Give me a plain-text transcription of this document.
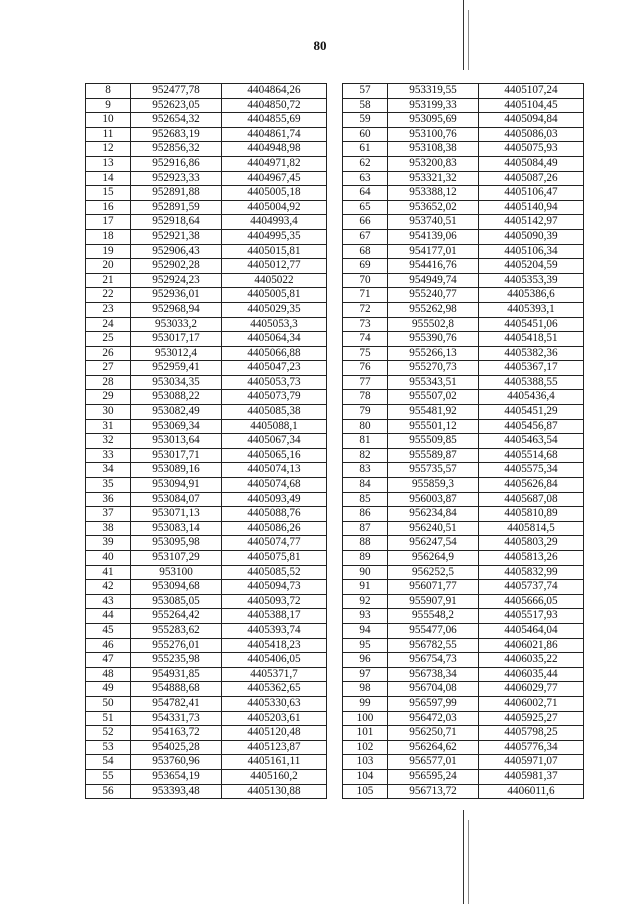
80
8	952477,78	4404864,26
9	952623,05	4404850,72
10	952654,32	4404855,69
11	952683,19	4404861,74
12	952856,32	4404948,98
13	952916,86	4404971,82
14	952923,33	4404967,45
15	952891,88	4405005,18
16	952891,59	4405004,92
17	952918,64	4404993,4
18	952921,38	4404995,35
19	952906,43	4405015,81
20	952902,28	4405012,77
21	952924,23	4405022
22	952936,01	4405005,81
23	952968,94	4405029,35
24	953033,2	4405053,3
25	953017,17	4405064,34
26	953012,4	4405066,88
27	952959,41	4405047,23
28	953034,35	4405053,73
29	953088,22	4405073,79
30	953082,49	4405085,38
31	953069,34	4405088,1
32	953013,64	4405067,34
33	953017,71	4405065,16
34	953089,16	4405074,13
35	953094,91	4405074,68
36	953084,07	4405093,49
37	953071,13	4405088,76
38	953083,14	4405086,26
39	953095,98	4405074,77
40	953107,29	4405075,81
41	953100	4405085,52
42	953094,68	4405094,73
43	953085,05	4405093,72
44	955264,42	4405388,17
45	955283,62	4405393,74
46	955276,01	4405418,23
47	955235,98	4405406,05
48	954931,85	4405371,7
49	954888,68	4405362,65
50	954782,41	4405330,63
51	954331,73	4405203,61
52	954163,72	4405120,48
53	954025,28	4405123,87
54	953760,96	4405161,11
55	953654,19	4405160,2
56	953393,48	4405130,88
57	953319,55	4405107,24
58	953199,33	4405104,45
59	953095,69	4405094,84
60	953100,76	4405086,03
61	953108,38	4405075,93
62	953200,83	4405084,49
63	953321,32	4405087,26
64	953388,12	4405106,47
65	953652,02	4405140,94
66	953740,51	4405142,97
67	954139,06	4405090,39
68	954177,01	4405106,34
69	954416,76	4405204,59
70	954949,74	4405353,39
71	955240,77	4405386,6
72	955262,98	4405393,1
73	955502,8	4405451,06
74	955390,76	4405418,51
75	955266,13	4405382,36
76	955270,73	4405367,17
77	955343,51	4405388,55
78	955507,02	4405436,4
79	955481,92	4405451,29
80	955501,12	4405456,87
81	955509,85	4405463,54
82	955589,87	4405514,68
83	955735,57	4405575,34
84	955859,3	4405626,84
85	956003,87	4405687,08
86	956234,84	4405810,89
87	956240,51	4405814,5
88	956247,54	4405803,29
89	956264,9	4405813,26
90	956252,5	4405832,99
91	956071,77	4405737,74
92	955907,91	4405666,05
93	955548,2	4405517,93
94	955477,06	4405464,04
95	956782,55	4406021,86
96	956754,73	4406035,22
97	956738,34	4406035,44
98	956704,08	4406029,77
99	956597,99	4406002,71
100	956472,03	4405925,27
101	956250,71	4405798,25
102	956264,62	4405776,34
103	956577,01	4405971,07
104	956595,24	4405981,37
105	956713,72	4406011,6
